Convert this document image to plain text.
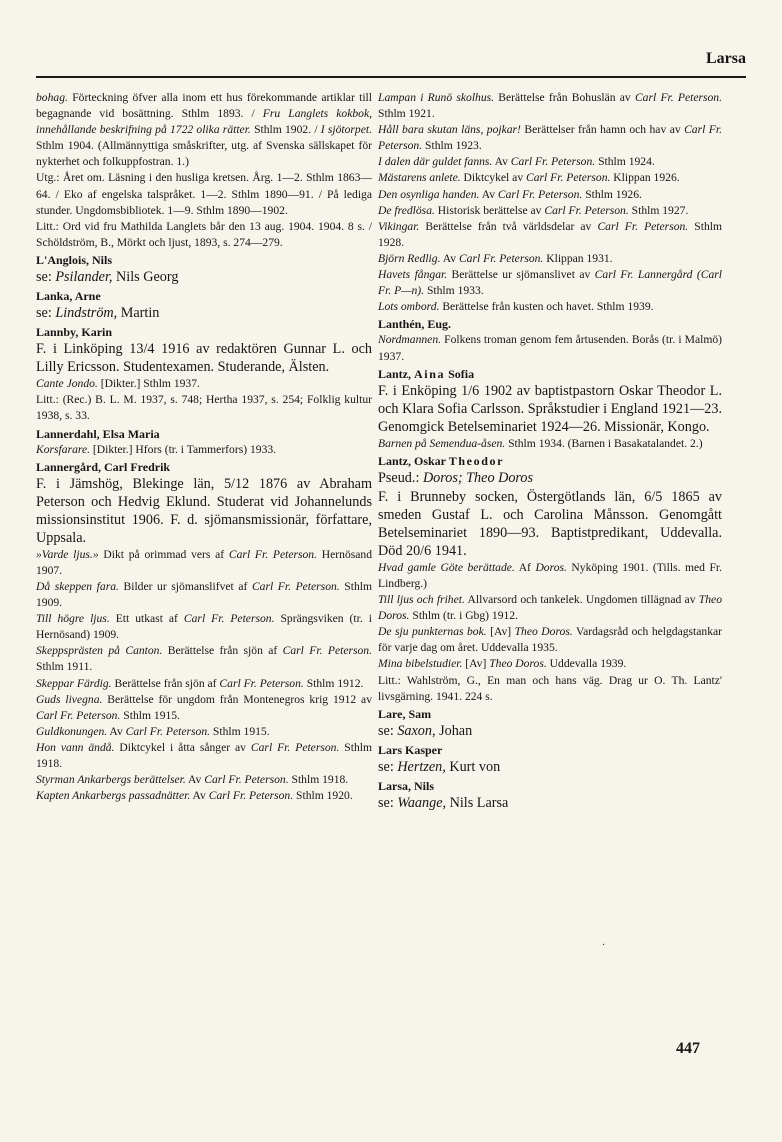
Larsa

bohag. Förteckning öfver alla inom ett hus förekommande artiklar till begagnande vid bosättning. Sthlm 1893. / Fru Langlets kokbok, innehållande beskrifning på 1722 olika rätter. Sthlm 1902. / I sjötorpet. Sthlm 1904. (Allmännyttiga småskrifter, utg. af Svenska sällskapet för nykterhet och folkuppfostran. 1.)

Utg.: Året om. Läsning i den husliga kretsen. Årg. 1—2. Sthlm 1863—64. / Eko af engelska talspråket. 1—2. Sthlm 1890—91. / På lediga stunder. Ungdomsbibliotek. 1—9. Sthlm 1890—1902.

Litt.: Ord vid fru Mathilda Langlets bår den 13 aug. 1904. 1904. 8 s. / Schöldström, B., Mörkt och ljust, 1893, s. 274—279.

L'Anglois, Nils
se: Psilander, Nils Georg
Lanka, Arne
se: Lindström, Martin
Lannby, Karin

F. i Linköping 13/4 1916 av redaktören Gunnar L. och Lilly Ericsson. Studentexamen. Studerande, Älsten.

Cante Jondo. [Dikter.] Sthlm 1937.

Litt.: (Rec.) B. L. M. 1937, s. 748; Hertha 1937, s. 254; Folklig kultur 1938, s. 33.

Lannerdahl, Elsa Maria

Korsfarare. [Dikter.] Hfors (tr. i Tammerfors) 1933.

Lannergård, Carl Fredrik

F. i Jämshög, Blekinge län, 5/12 1876 av Abraham Peterson och Hedvig Eklund. Studerat vid Johannelunds missionsinstitut 1906. F. d. sjömansmissionär, författare, Uppsala.

»Varde ljus.» Dikt på orimmad vers af Carl Fr. Peterson. Hernösand 1907.

Då skeppen fara. Bilder ur sjömanslifvet af Carl Fr. Peterson. Sthlm 1909.

Till högre ljus. Ett utkast af Carl Fr. Peterson. Sprängsviken (tr. i Hernösand) 1909.

Skeppsprästen på Canton. Berättelse från sjön af Carl Fr. Peterson. Sthlm 1911.

Skeppar Färdig. Berättelse från sjön af Carl Fr. Peterson. Sthlm 1912.

Guds livegna. Berättelse för ungdom från Montenegros krig 1912 av Carl Fr. Peterson. Sthlm 1915.

Guldkonungen. Av Carl Fr. Peterson. Sthlm 1915.

Hon vann ändå. Diktcykel i åtta sånger av Carl Fr. Peterson. Sthlm 1918.

Styrman Ankarbergs berättelser. Av Carl Fr. Peterson. Sthlm 1918.

Kapten Ankarbergs passadnätter. Av Carl Fr. Peterson. Sthlm 1920.

Lampan i Runö skolhus. Berättelse från Bohuslän av Carl Fr. Peterson. Sthlm 1921.

Håll bara skutan läns, pojkar! Berättelser från hamn och hav av Carl Fr. Peterson. Sthlm 1923.

I dalen där guldet fanns. Av Carl Fr. Peterson. Sthlm 1924.

Mästarens anlete. Diktcykel av Carl Fr. Peterson. Klippan 1926.

Den osynliga handen. Av Carl Fr. Peterson. Sthlm 1926.

De fredlösa. Historisk berättelse av Carl Fr. Peterson. Sthlm 1927.

Vikingar. Berättelse från två världsdelar av Carl Fr. Peterson. Sthlm 1928.

Björn Redlig. Av Carl Fr. Peterson. Klippan 1931.

Havets fångar. Berättelse ur sjömanslivet av Carl Fr. Lannergård (Carl Fr. P—n). Sthlm 1933.

Lots ombord. Berättelse från kusten och havet. Sthlm 1939.

Lanthén, Eug.

Nordmannen. Folkens troman genom fem årtusenden. Borås (tr. i Malmö) 1937.

Lantz, Aina Sofia

F. i Enköping 1/6 1902 av baptistpastorn Oskar Theodor L. och Klara Sofia Carlsson. Språkstudier i England 1921—23. Genomgick Betelseminariet 1924—26. Missionär, Kongo.

Barnen på Semendua-åsen. Sthlm 1934. (Barnen i Basakatalandet. 2.)

Lantz, Oskar Theodor
Pseud.: Doros; Theo Doros

F. i Brunneby socken, Östergötlands län, 6/5 1865 av smeden Gustaf L. och Carolina Månsson. Genomgått Betelseminariet 1890—93. Baptistpredikant, Uddevalla. Död 20/6 1941.

Hvad gamle Göte berättade. Af Doros. Nyköping 1901. (Tills. med Fr. Lindberg.)

Till ljus och frihet. Allvarsord och tankelek. Ungdomen tillägnad av Theo Doros. Sthlm (tr. i Gbg) 1912.

De sju punkternas bok. [Av] Theo Doros. Vardagsråd och helgdagstankar för varje dag om året. Uddevalla 1935.

Mina bibelstudier. [Av] Theo Doros. Uddevalla 1939.

Litt.: Wahlström, G., En man och hans väg. Drag ur O. Th. Lantz' livsgärning. 1941. 224 s.

Lare, Sam
se: Saxon, Johan
Lars Kasper
se: Hertzen, Kurt von
Larsa, Nils
se: Waange, Nils Larsa
·
447
